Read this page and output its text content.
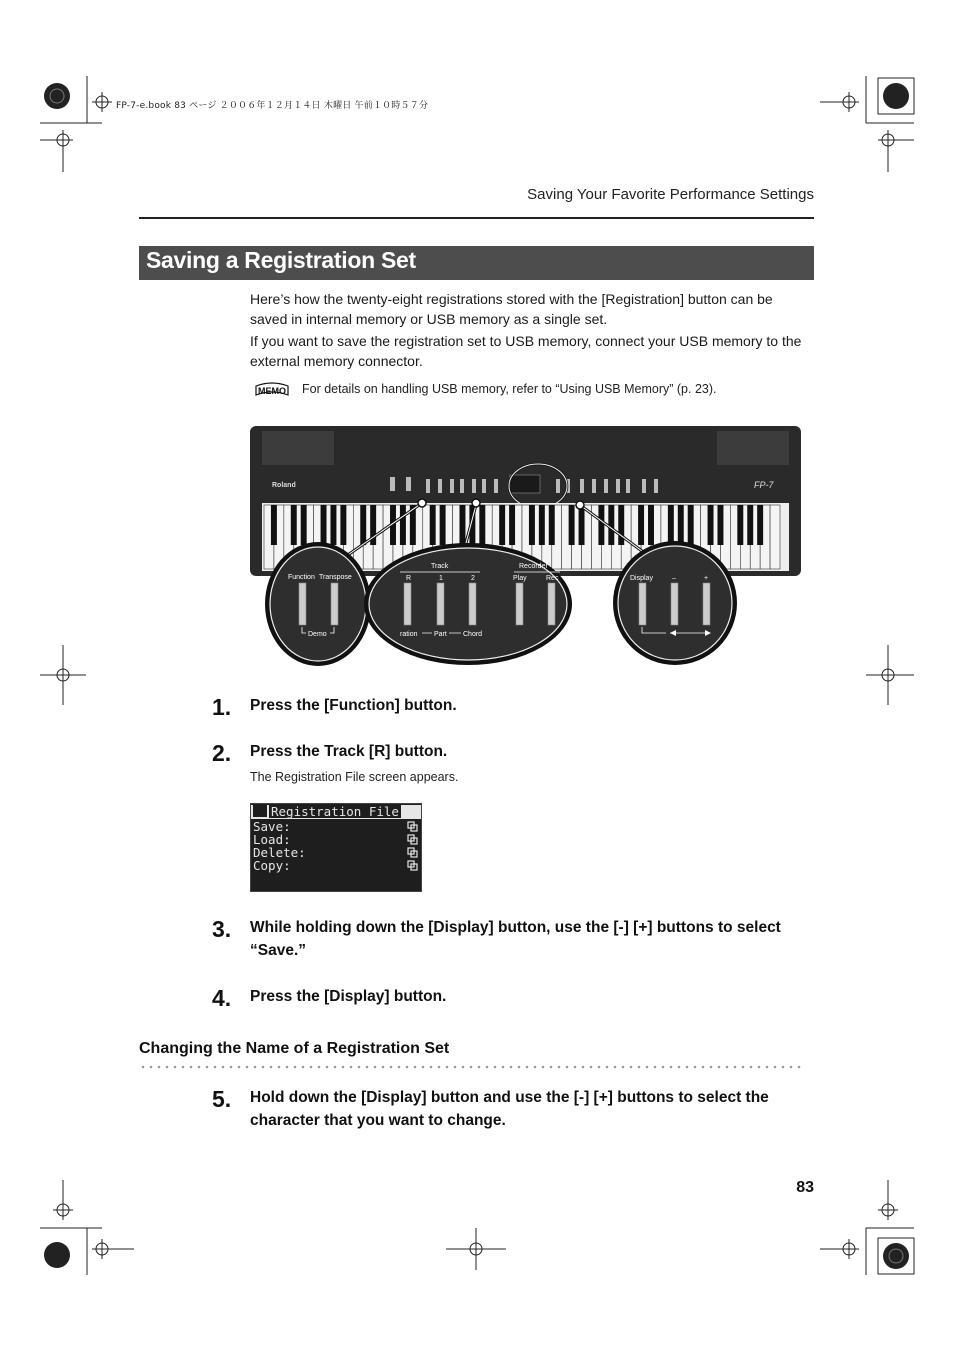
FP-7-e.book 83 ページ ２００６年１２月１４日 木曜日 午前１０時５７分
Saving Your Favorite Performance Settings
Saving a Registration Set
Here’s how the twenty-eight registrations stored with the [Registration] button can be saved in internal memory or USB memory as a single set.
If you want to save the registration set to USB memory, connect your USB memory to the external memory connector.
MEMO For details on handling USB memory, refer to “Using USB Memory” (p. 23).
Roland	FP-7
Function Transpose
Demo
Track	Recorder
R	1	2	Play	Rec
ration Part Chord
Display	–	+
1. Press the [Function] button.
2. Press the Track [R] button.
The Registration File screen appears.
Registration File
Save:
Load:
Delete:
Copy:
3. While holding down the [Display] button, use the [-] [+] buttons to select “Save.”
4. Press the [Display] button.
Changing the Name of a Registration Set
5. Hold down the [Display] button and use the [-] [+] buttons to select the character that you want to change.
83
